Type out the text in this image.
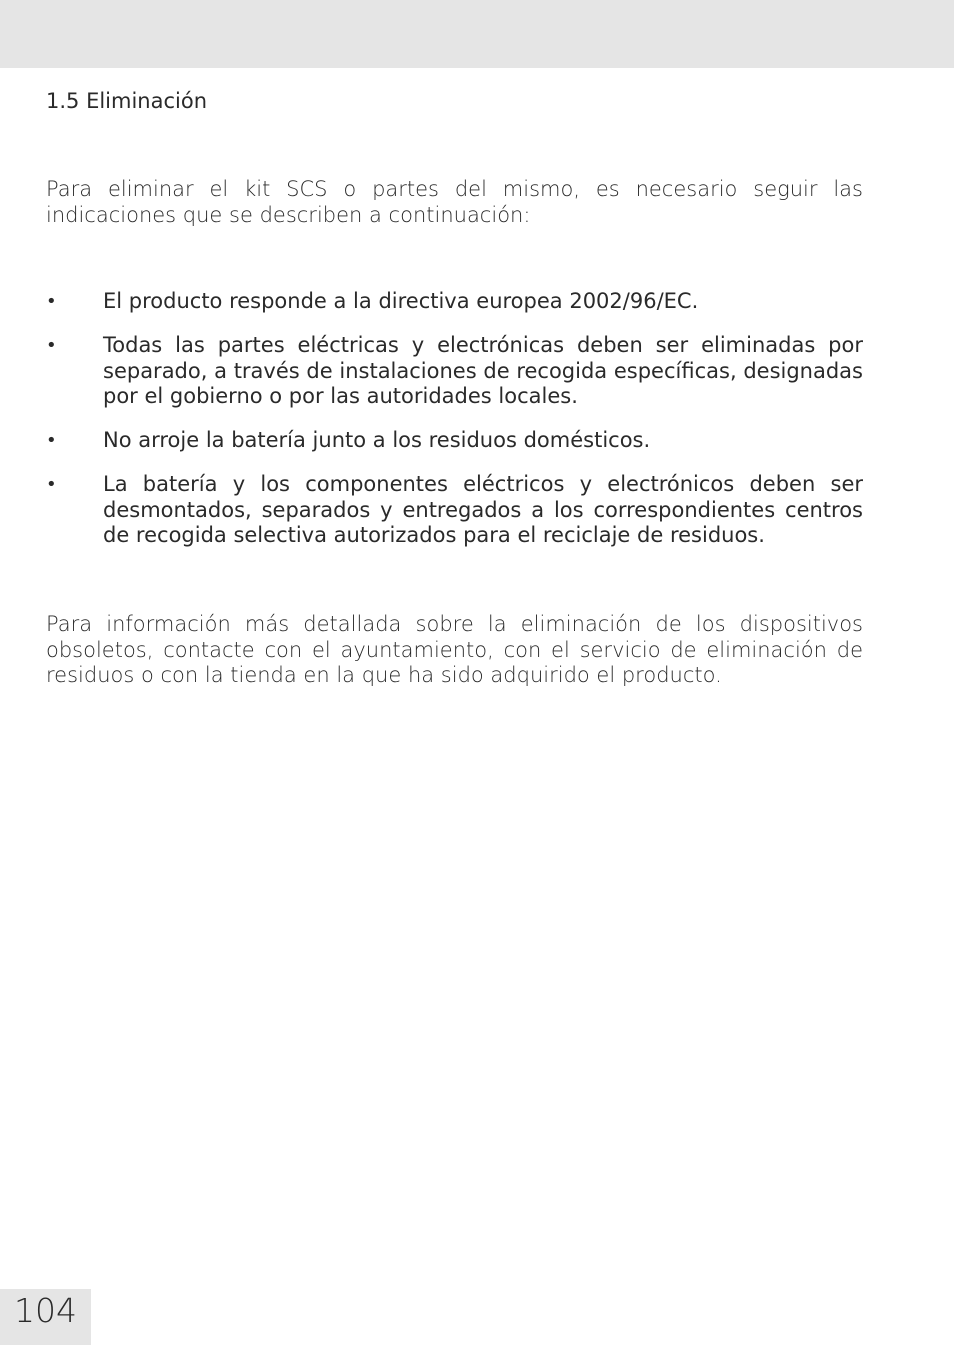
1.5 Eliminación

Para eliminar el kit SCS o partes del mismo, es necesario seguir las indicaciones que se describen a continuación:

•	El producto responde a la directiva europea 2002/96/EC.
•	Todas las partes eléctricas y electrónicas deben ser eliminadas por separado, a través de instalaciones de recogida específicas, designadas por el gobierno o por las autoridades locales.
•	No arroje la batería junto a los residuos domésticos.
•	La batería y los componentes eléctricos y electrónicos deben ser desmontados, separados y entregados a los correspondientes centros de recogida selectiva autorizados para el reciclaje de residuos.

Para información más detallada sobre la eliminación de los dispositivos obsoletos, contacte con el ayuntamiento, con el servicio de eliminación de residuos o con la tienda en la que ha sido adquirido el producto.

104
